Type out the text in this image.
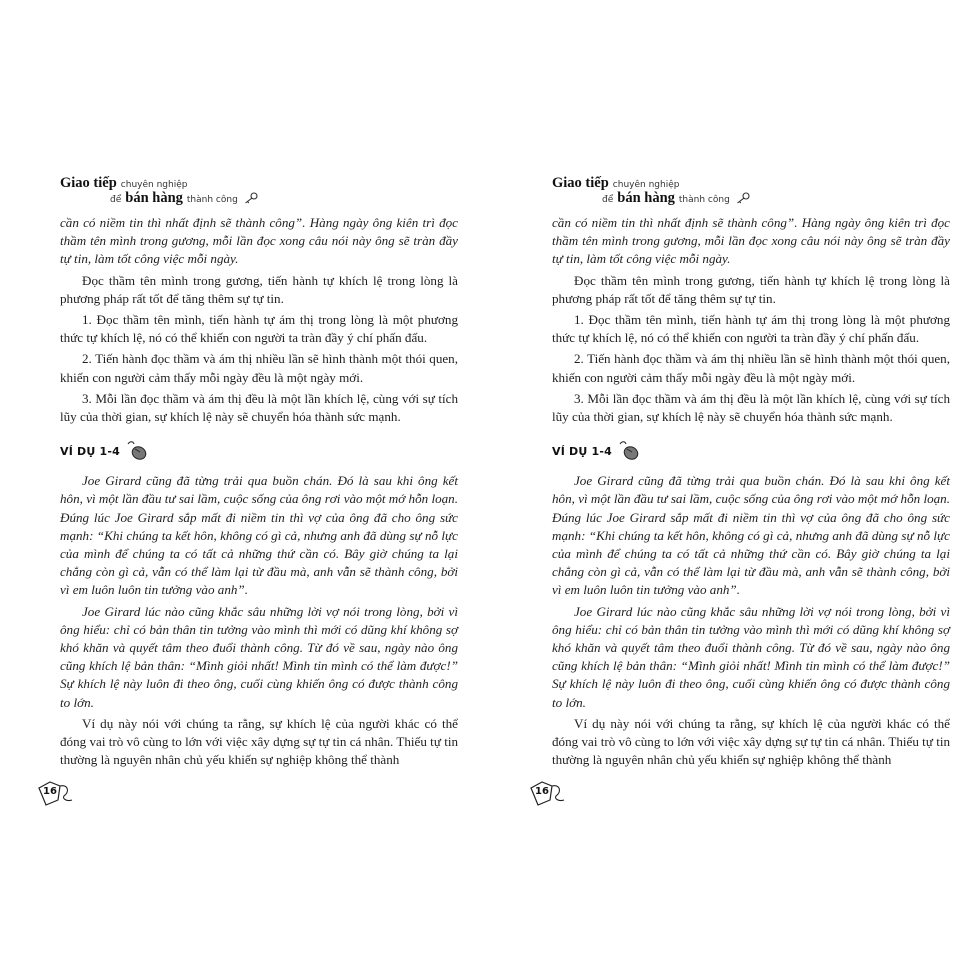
Giao tiếp chuyên nghiệp
để bán hàng thành công

cần có niềm tin thì nhất định sẽ thành công”. Hàng ngày ông kiên trì đọc thầm tên mình trong gương, mỗi lần đọc xong câu nói này ông sẽ tràn đầy tự tin, làm tốt công việc mỗi ngày.

Đọc thầm tên mình trong gương, tiến hành tự khích lệ trong lòng là phương pháp rất tốt để tăng thêm sự tự tin.

1. Đọc thầm tên mình, tiến hành tự ám thị trong lòng là một phương thức tự khích lệ, nó có thể khiến con người ta tràn đầy ý chí phấn đấu.

2. Tiến hành đọc thầm và ám thị nhiều lần sẽ hình thành một thói quen, khiến con người cảm thấy mỗi ngày đều là một ngày mới.

3. Mỗi lần đọc thầm và ám thị đều là một lần khích lệ, cùng với sự tích lũy của thời gian, sự khích lệ này sẽ chuyển hóa thành sức mạnh.

VÍ DỤ 1-4

Joe Girard cũng đã từng trải qua buồn chán. Đó là sau khi ông kết hôn, vì một lần đầu tư sai lầm, cuộc sống của ông rơi vào một mớ hỗn loạn. Đúng lúc Joe Girard sắp mất đi niềm tin thì vợ của ông đã cho ông sức mạnh: “Khi chúng ta kết hôn, không có gì cả, nhưng anh đã dùng sự nỗ lực của mình để chúng ta có tất cả những thứ cần có. Bây giờ chúng ta lại chẳng còn gì cả, vẫn có thể làm lại từ đầu mà, anh vẫn sẽ thành công, bởi vì em luôn luôn tin tưởng vào anh”.

Joe Girard lúc nào cũng khắc sâu những lời vợ nói trong lòng, bởi vì ông hiểu: chỉ có bản thân tin tưởng vào mình thì mới có dũng khí không sợ khó khăn và quyết tâm theo đuổi thành công. Từ đó về sau, ngày nào ông cũng khích lệ bản thân: “Mình giỏi nhất! Mình tin mình có thể làm được!” Sự khích lệ này luôn đi theo ông, cuối cùng khiến ông có được thành công to lớn.

Ví dụ này nói với chúng ta rằng, sự khích lệ của người khác có thể đóng vai trò vô cùng to lớn với việc xây dựng sự tự tin cá nhân. Thiếu tự tin thường là nguyên nhân chủ yếu khiến sự nghiệp không thể thành

16
Giao tiếp chuyên nghiệp
để bán hàng thành công

cần có niềm tin thì nhất định sẽ thành công”. Hàng ngày ông kiên trì đọc thầm tên mình trong gương, mỗi lần đọc xong câu nói này ông sẽ tràn đầy tự tin, làm tốt công việc mỗi ngày.

Đọc thầm tên mình trong gương, tiến hành tự khích lệ trong lòng là phương pháp rất tốt để tăng thêm sự tự tin.

1. Đọc thầm tên mình, tiến hành tự ám thị trong lòng là một phương thức tự khích lệ, nó có thể khiến con người ta tràn đầy ý chí phấn đấu.

2. Tiến hành đọc thầm và ám thị nhiều lần sẽ hình thành một thói quen, khiến con người cảm thấy mỗi ngày đều là một ngày mới.

3. Mỗi lần đọc thầm và ám thị đều là một lần khích lệ, cùng với sự tích lũy của thời gian, sự khích lệ này sẽ chuyển hóa thành sức mạnh.

VÍ DỤ 1-4

Joe Girard cũng đã từng trải qua buồn chán. Đó là sau khi ông kết hôn, vì một lần đầu tư sai lầm, cuộc sống của ông rơi vào một mớ hỗn loạn. Đúng lúc Joe Girard sắp mất đi niềm tin thì vợ của ông đã cho ông sức mạnh: “Khi chúng ta kết hôn, không có gì cả, nhưng anh đã dùng sự nỗ lực của mình để chúng ta có tất cả những thứ cần có. Bây giờ chúng ta lại chẳng còn gì cả, vẫn có thể làm lại từ đầu mà, anh vẫn sẽ thành công, bởi vì em luôn luôn tin tưởng vào anh”.

Joe Girard lúc nào cũng khắc sâu những lời vợ nói trong lòng, bởi vì ông hiểu: chỉ có bản thân tin tưởng vào mình thì mới có dũng khí không sợ khó khăn và quyết tâm theo đuổi thành công. Từ đó về sau, ngày nào ông cũng khích lệ bản thân: “Mình giỏi nhất! Mình tin mình có thể làm được!” Sự khích lệ này luôn đi theo ông, cuối cùng khiến ông có được thành công to lớn.

Ví dụ này nói với chúng ta rằng, sự khích lệ của người khác có thể đóng vai trò vô cùng to lớn với việc xây dựng sự tự tin cá nhân. Thiếu tự tin thường là nguyên nhân chủ yếu khiến sự nghiệp không thể thành

16
